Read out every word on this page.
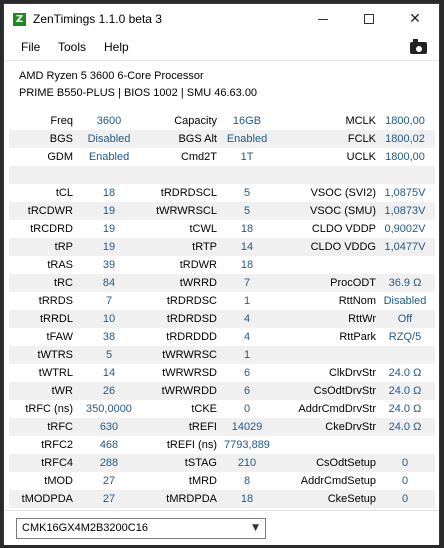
Z ZenTimings 1.1.0 beta 3	✕
File Tools Help
AMD Ryzen 5 3600 6-Core Processor
PRIME B550-PLUS | BIOS 1002 | SMU 46.63.00
Freq	3600	Capacity	16GB	MCLK 1800,00
BGS	Disabled	BGS Alt Enabled	FCLK 1800,02
GDM	Enabled	Cmd2T	1T	UCLK 1800,00
tCL	18	tRDRDSCL	5	VSOC (SVI2) 1,0875V
tRCDWR	19	tWRWRSCL	5	VSOC (SMU) 1,0873V
tRCDRD	19	tCWL	18	CLDO VDDP 0,9002V
tRP	19	tRTP	14	CLDO VDDG 1,0477V
tRAS	39	tRDWR	18
tRC	84	tWRRD	7	ProcODT	36.9 Ω
tRRDS	7	tRDRDSC	1	RttNom Disabled
tRRDL	10	tRDRDSD	4	RttWr	Off
tFAW	38	tRDRDDD	4	RttPark	RZQ/5
tWTRS	5	tWRWRSC	1
tWTRL	14	tWRWRSD	6	ClkDrvStr	24.0 Ω
tWR	26	tWRWRDD	6	CsOdtDrvStr	24.0 Ω
tRFC (ns)	350,0000	tCKE	0	AddrCmdDrvStr	24.0 Ω
tRFC	630	tREFI	14029	CkeDrvStr	24.0 Ω
tRFC2	468	tREFI (ns) 7793,889
tRFC4	288	tSTAG	210	CsOdtSetup	0
tMOD	27	tMRD	8	AddrCmdSetup	0
tMODPDA	27	tMRDPDA	18	CkeSetup	0
CMK16GX4M2B3200C16	▼
